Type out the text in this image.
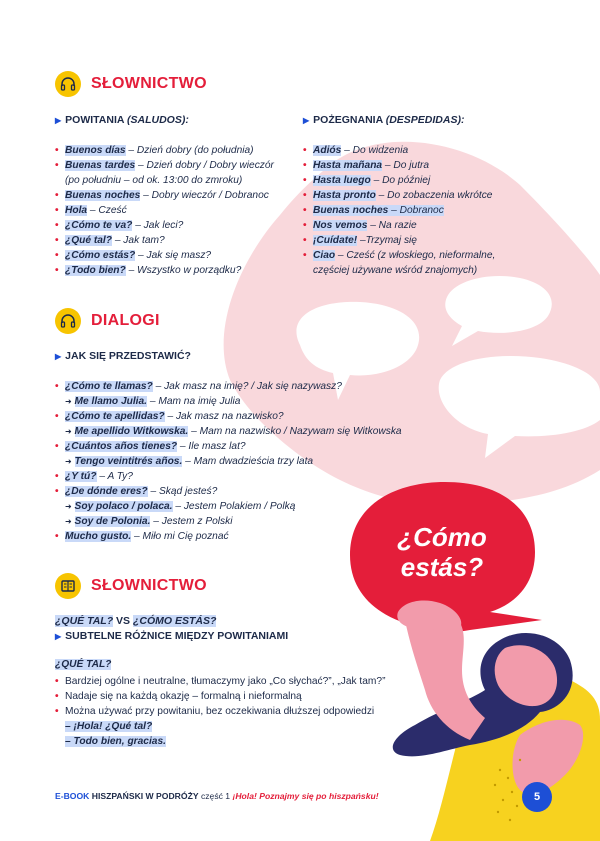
SŁOWNICTWO
▶ POWITANIA (SALUDOS):
• Buenos días – Dzień dobry (do południa)
• Buenas tardes – Dzień dobry / Dobry wieczór
(po południu – od ok. 13:00 do zmroku)
• Buenas noches – Dobry wieczór / Dobranoc
• Hola – Cześć
• ¿Cómo te va? – Jak leci?
• ¿Qué tal? – Jak tam?
• ¿Cómo estás? – Jak się masz?
• ¿Todo bien? – Wszystko w porządku?
▶ POŻEGNANIA (DESPEDIDAS):
• Adiós – Do widzenia
• Hasta mañana – Do jutra
• Hasta luego – Do później
• Hasta pronto – Do zobaczenia wkrótce
• Buenas noches – Dobranoc
• Nos vemos – Na razie
• ¡Cuídate! –Trzymaj się
• Ciao – Cześć (z włoskiego, nieformalne,
częściej używane wśród znajomych)
DIALOGI
▶ JAK SIĘ PRZEDSTAWIĆ?
• ¿Cómo te llamas? – Jak masz na imię? / Jak się nazywasz?
➜ Me llamo Julia. – Mam na imię Julia
• ¿Cómo te apellidas? – Jak masz na nazwisko?
➜ Me apellido Witkowska. – Mam na nazwisko / Nazywam się Witkowska
• ¿Cuántos años tienes? – Ile masz lat?
➜ Tengo veintitrés años. – Mam dwadzieścia trzy lata
• ¿Y tú? – A Ty?
• ¿De dónde eres? – Skąd jesteś?
➜ Soy polaco / polaca. – Jestem Polakiem / Polką
➜ Soy de Polonia. – Jestem z Polski
• Mucho gusto. – Miło mi Cię poznać	¿Cómo
estás?
SŁOWNICTWO
¿QUÉ TAL? VS ¿CÓMO ESTÁS?
▶ SUBTELNE RÓŻNICE MIĘDZY POWITANIAMI
¿QUÉ TAL?
• Bardziej ogólne i neutralne, tłumaczymy jako „Co słychać?”, „Jak tam?”
• Nadaje się na każdą okazję – formalną i nieformalną
• Można używać przy powitaniu, bez oczekiwania dłuższej odpowiedzi
– ¡Hola! ¿Qué tal?
– Todo bien, gracias.
E-BOOK HISZPAŃSKI W PODRÓŻY część 1 ¡Hola! Poznajmy się po hiszpańsku!	5
